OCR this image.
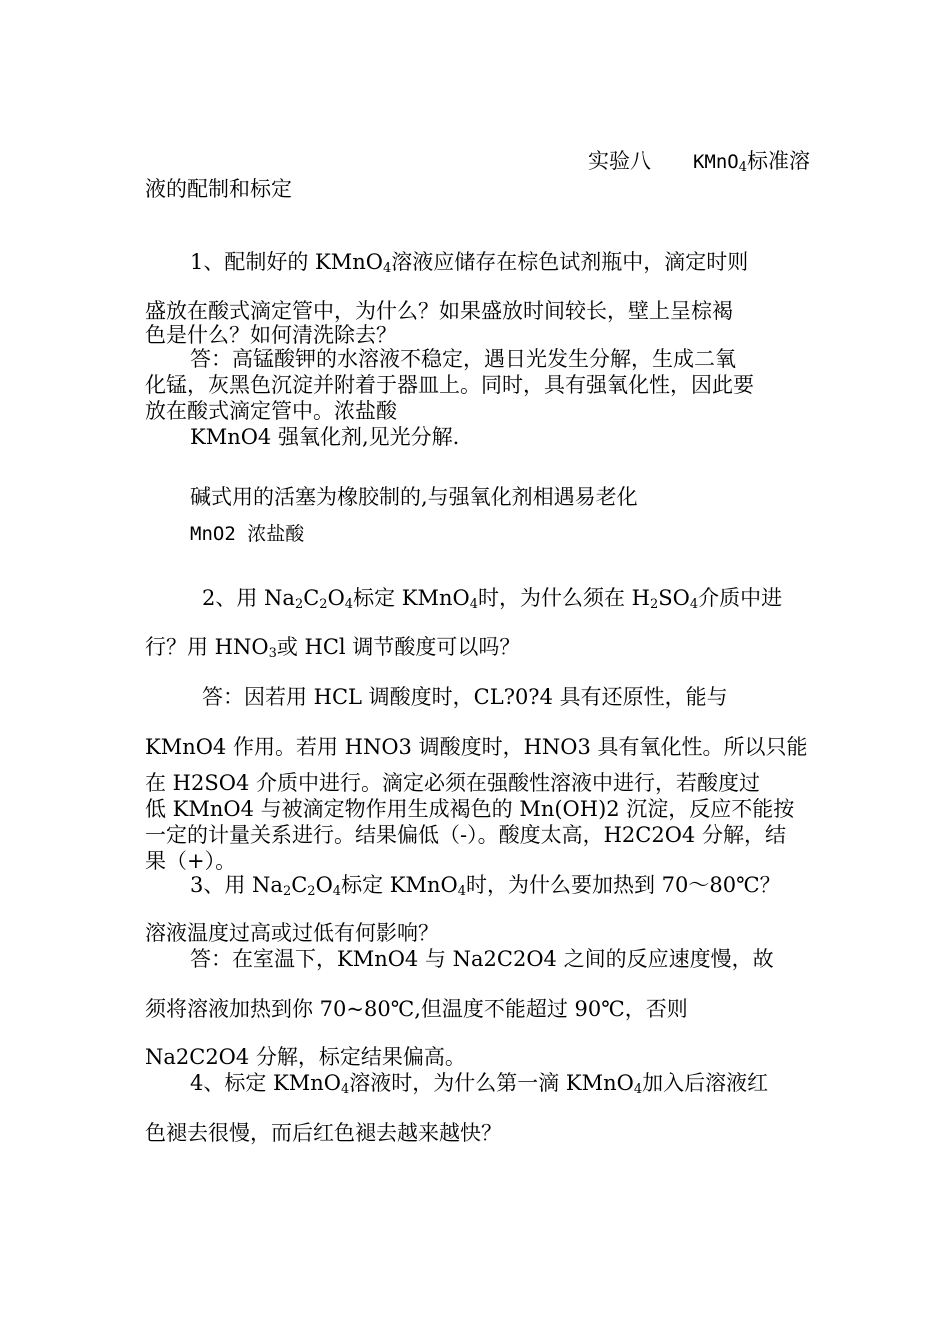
实验八　　KMnO$_4$标准溶
液的配制和标定
1、配制好的 KMnO$_4$溶液应储存在棕色试剂瓶中，滴定时则
盛放在酸式滴定管中，为什么？如果盛放时间较长，壁上呈棕褐
色是什么？如何清洗除去？
答：高锰酸钾的水溶液不稳定，遇日光发生分解，生成二氧
化锰，灰黑色沉淀并附着于器皿上。同时，具有强氧化性，因此要
放在酸式滴定管中。浓盐酸
KMnO4 强氧化剂,见光分解.
碱式用的活塞为橡胶制的,与强氧化剂相遇易老化
MnO2 浓盐酸
2、用 $Na_2C_2O_4$标定 KMnO$_4$时，为什么须在 $H_2SO_4$介质中进
行？用 $HNO_3$或 HCl 调节酸度可以吗？
答：因若用 HCL 调酸度时，CL?0?4 具有还原性，能与
KMnO4 作用。若用 HNO3 调酸度时，HNO3 具有氧化性。所以只能
在 H2SO4 介质中进行。滴定必须在强酸性溶液中进行，若酸度过
低 KMnO4 与被滴定物作用生成褐色的 Mn(OH)2 沉淀，反应不能按
一定的计量关系进行。结果偏低（-）。酸度太高，H2C2O4 分解，结
果（+）。
3、用 $Na_2C_2O_4$标定 KMnO$_4$时，为什么要加热到 70～80℃？
溶液温度过高或过低有何影响？
答：在室温下，KMnO4 与 Na2C2O4 之间的反应速度慢，故
须将溶液加热到你 70~80℃,但温度不能超过 90℃，否则
Na2C2O4 分解，标定结果偏高。
4、标定 KMnO$_4$溶液时，为什么第一滴 KMnO$_4$加入后溶液红
色褪去很慢，而后红色褪去越来越快？
